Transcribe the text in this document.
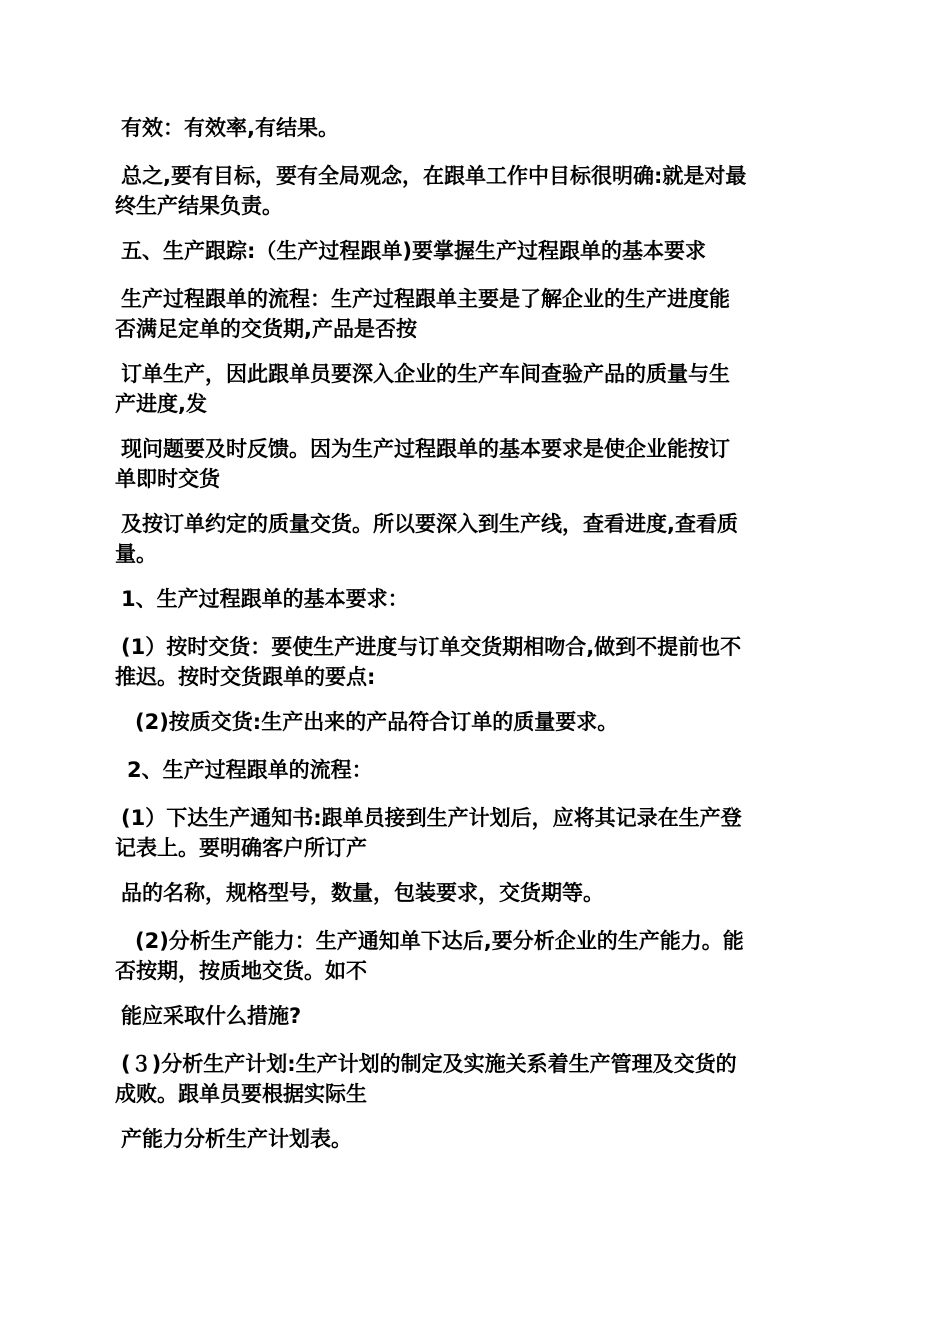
有效：有效率,有结果。

总之,要有目标，要有全局观念，在跟单工作中目标很明确:就是对最
终生产结果负责。

五、生产跟踪:（生产过程跟单)要掌握生产过程跟单的基本要求

生产过程跟单的流程：生产过程跟单主要是了解企业的生产进度能
否满足定单的交货期,产品是否按

订单生产，因此跟单员要深入企业的生产车间查验产品的质量与生
产进度,发

现问题要及时反馈。因为生产过程跟单的基本要求是使企业能按订
单即时交货

及按订单约定的质量交货。所以要深入到生产线，查看进度,查看质
量。

1、生产过程跟单的基本要求：

(1）按时交货：要使生产进度与订单交货期相吻合,做到不提前也不
推迟。按时交货跟单的要点:

(2)按质交货:生产出来的产品符合订单的质量要求。

2、生产过程跟单的流程：

(1）下达生产通知书:跟单员接到生产计划后，应将其记录在生产登
记表上。要明确客户所订产

品的名称，规格型号，数量，包装要求，交货期等。

(2)分析生产能力：生产通知单下达后,要分析企业的生产能力。能
否按期，按质地交货。如不

能应采取什么措施?

(３)分析生产计划:生产计划的制定及实施关系着生产管理及交货的
成败。跟单员要根据实际生

产能力分析生产计划表。
